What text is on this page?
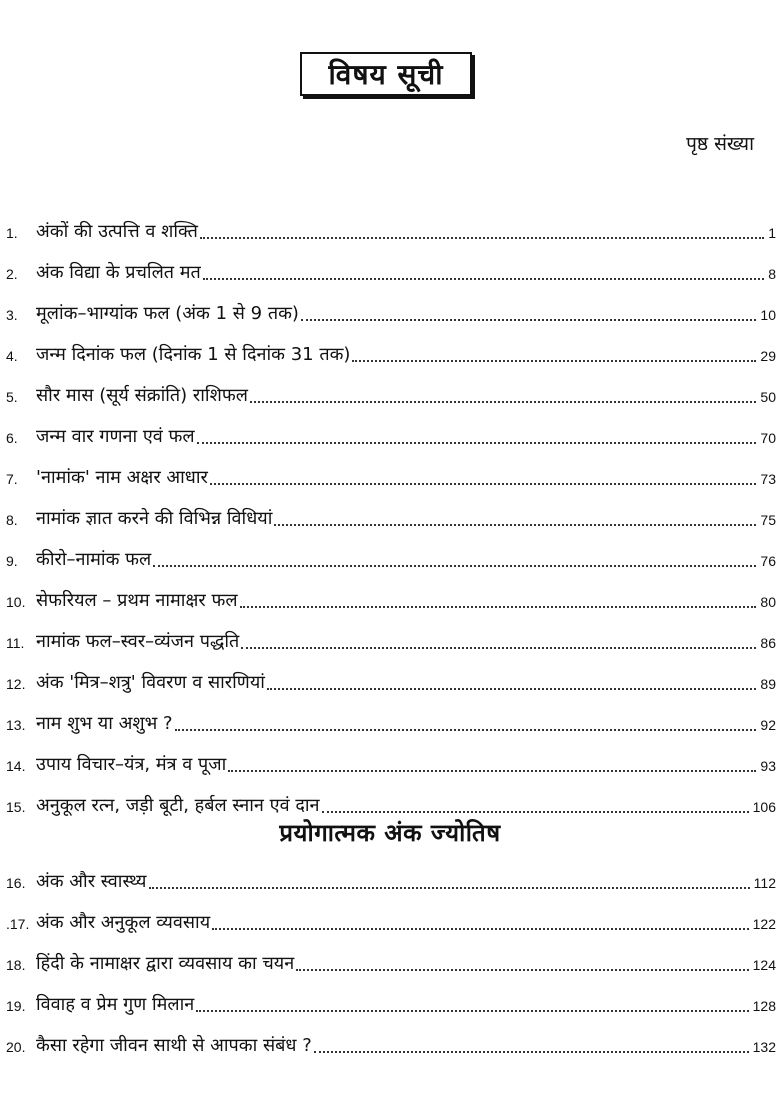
विषय सूची
पृष्ठ संख्या
1.	अंकों की उत्पत्ति व शक्ति	1
2.	अंक विद्या के प्रचलित मत	8
3.	मूलांक–भाग्यांक फल (अंक 1 से 9 तक)	10
4.	जन्म दिनांक फल (दिनांक 1 से दिनांक 31 तक)	29
5.	सौर मास (सूर्य संक्रांति) राशिफल	50
6.	जन्म वार गणना एवं फल	70
7.	'नामांक' नाम अक्षर आधार	73
8.	नामांक ज्ञात करने की विभिन्न विधियां	75
9.	कीरो–नामांक फल	76
10. सेफरियल – प्रथम नामाक्षर फल	80
11. नामांक फल–स्वर–व्यंजन पद्धति	86
12. अंक 'मित्र–शत्रु' विवरण व सारणियां	89
13. नाम शुभ या अशुभ ?	92
14. उपाय विचार–यंत्र, मंत्र व पूजा	93
15. अनुकूल रत्न, जड़ी बूटी, हर्बल स्नान एवं दान	106
प्रयोगात्मक अंक ज्योतिष
16. अंक और स्वास्थ्य	112
.17. अंक और अनुकूल व्यवसाय	122
18. हिंदी के नामाक्षर द्वारा व्यवसाय का चयन	124
19. विवाह व प्रेम गुण मिलान	128
20. कैसा रहेगा जीवन साथी से आपका संबंध ?	132
